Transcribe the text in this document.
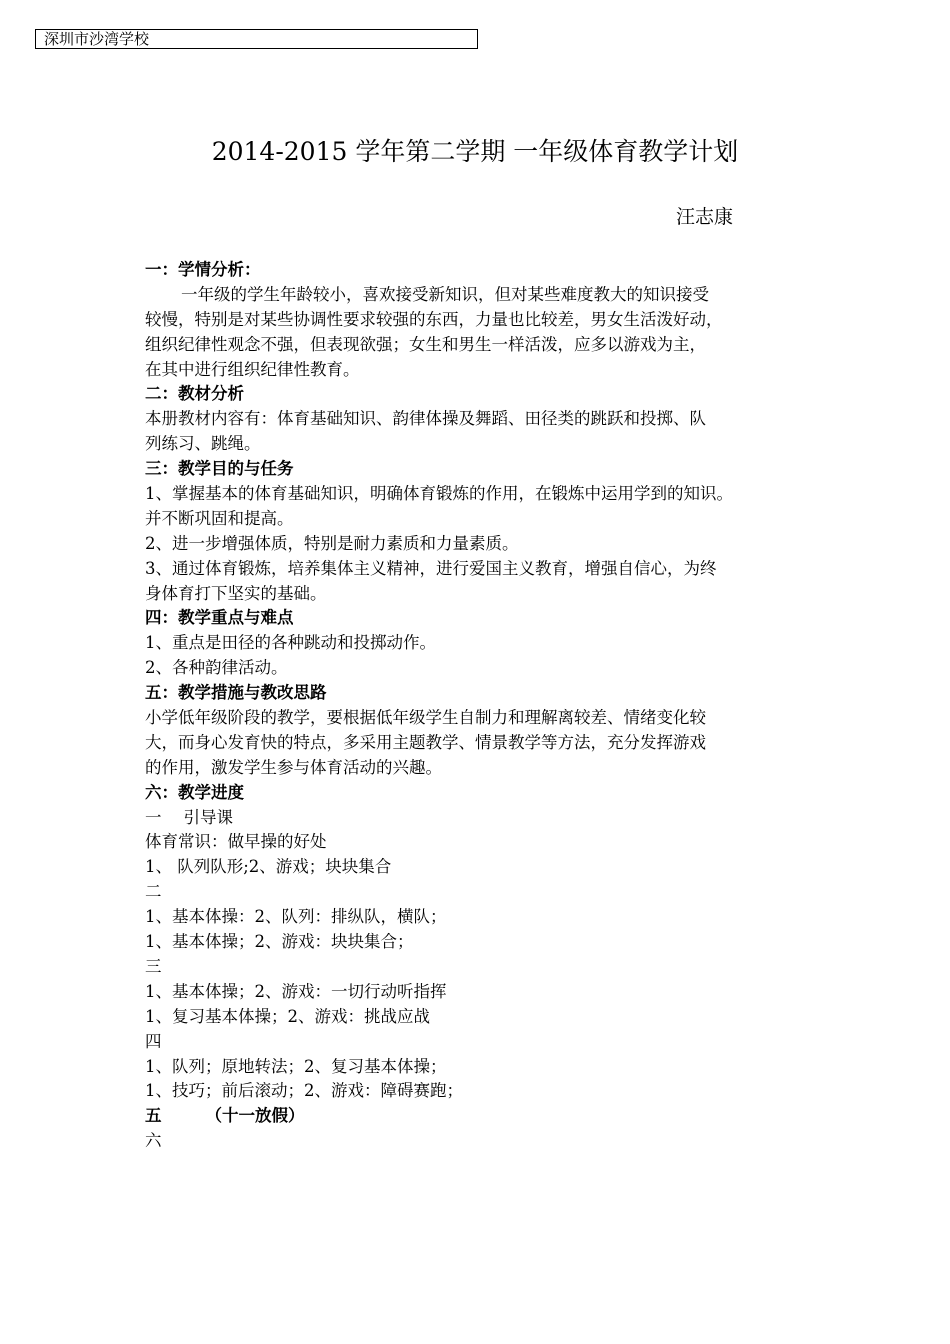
深圳市沙湾学校
2014-2015 学年第二学期 一年级体育教学计划
汪志康
一：学情分析：
一年级的学生年龄较小，喜欢接受新知识，但对某些难度教大的知识接受
较慢，特别是对某些协调性要求较强的东西，力量也比较差，男女生活泼好动，
组织纪律性观念不强，但表现欲强；女生和男生一样活泼，应多以游戏为主，
在其中进行组织纪律性教育。
二：教材分析
本册教材内容有：体育基础知识、韵律体操及舞蹈、田径类的跳跃和投掷、队
列练习、跳绳。
三：教学目的与任务
1、掌握基本的体育基础知识，明确体育锻炼的作用，在锻炼中运用学到的知识。
并不断巩固和提高。
2、进一步增强体质，特别是耐力素质和力量素质。
3、通过体育锻炼，培养集体主义精神，进行爱国主义教育，增强自信心，为终
身体育打下坚实的基础。
四：教学重点与难点
1、重点是田径的各种跳动和投掷动作。
2、各种韵律活动。
五：教学措施与教改思路
小学低年级阶段的教学，要根据低年级学生自制力和理解离较差、情绪变化较
大，而身心发育快的特点，多采用主题教学、情景教学等方法，充分发挥游戏
的作用，激发学生参与体育活动的兴趣。
六：教学进度
一 引导课
体育常识：做早操的好处
1、 队列队形;2、游戏；块块集合
二
1、基本体操：2、队列：排纵队，横队；
1、基本体操；2、游戏：块块集合；
三
1、基本体操；2、游戏：一切行动听指挥
1、复习基本体操；2、游戏：挑战应战
四
1、队列；原地转法；2、复习基本体操；
1、技巧；前后滚动；2、游戏：障碍赛跑；
五	（十一放假）
六
